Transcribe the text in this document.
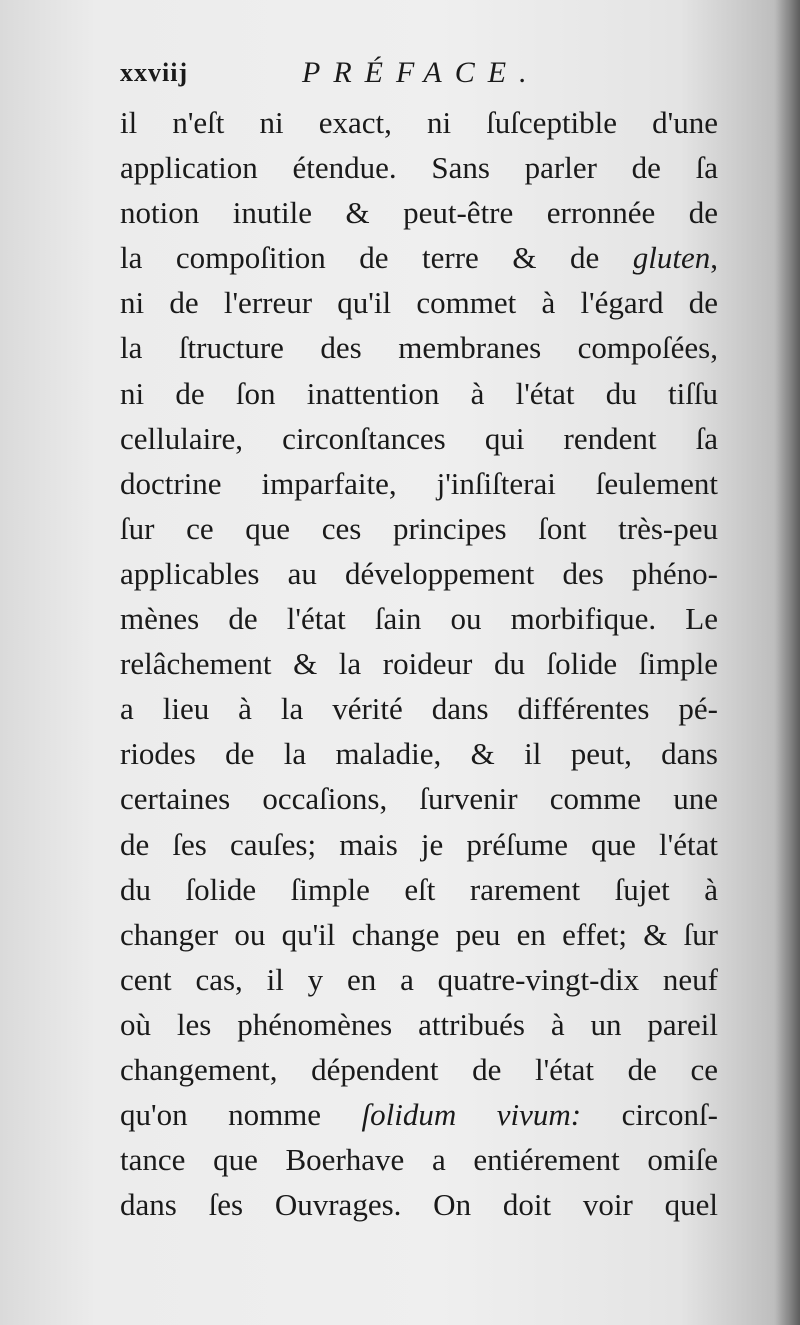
xxviij	PRÉFACE.
il n'eſt ni exact, ni ſuſceptible d'une
application étendue. Sans parler de ſa
notion inutile & peut-être erronnée de
la compoſition de terre & de gluten,
ni de l'erreur qu'il commet à l'égard de
la ſtructure des membranes compoſées,
ni de ſon inattention à l'état du tiſſu
cellulaire, circonſtances qui rendent ſa
doctrine imparfaite, j'inſiſterai ſeulement
ſur ce que ces principes ſont très-peu
applicables au développement des phéno-
mènes de l'état ſain ou morbifique. Le
relâchement & la roideur du ſolide ſimple
a lieu à la vérité dans différentes pé-
riodes de la maladie, & il peut, dans
certaines occaſions, ſurvenir comme une
de ſes cauſes; mais je préſume que l'état
du ſolide ſimple eſt rarement ſujet à
changer ou qu'il change peu en effet; & ſur
cent cas, il y en a quatre-vingt-dix neuf
où les phénomènes attribués à un pareil
changement, dépendent de l'état de ce
qu'on nomme ſolidum vivum: circonſ-
tance que Boerhave a entiérement omiſe
dans ſes Ouvrages. On doit voir quel
